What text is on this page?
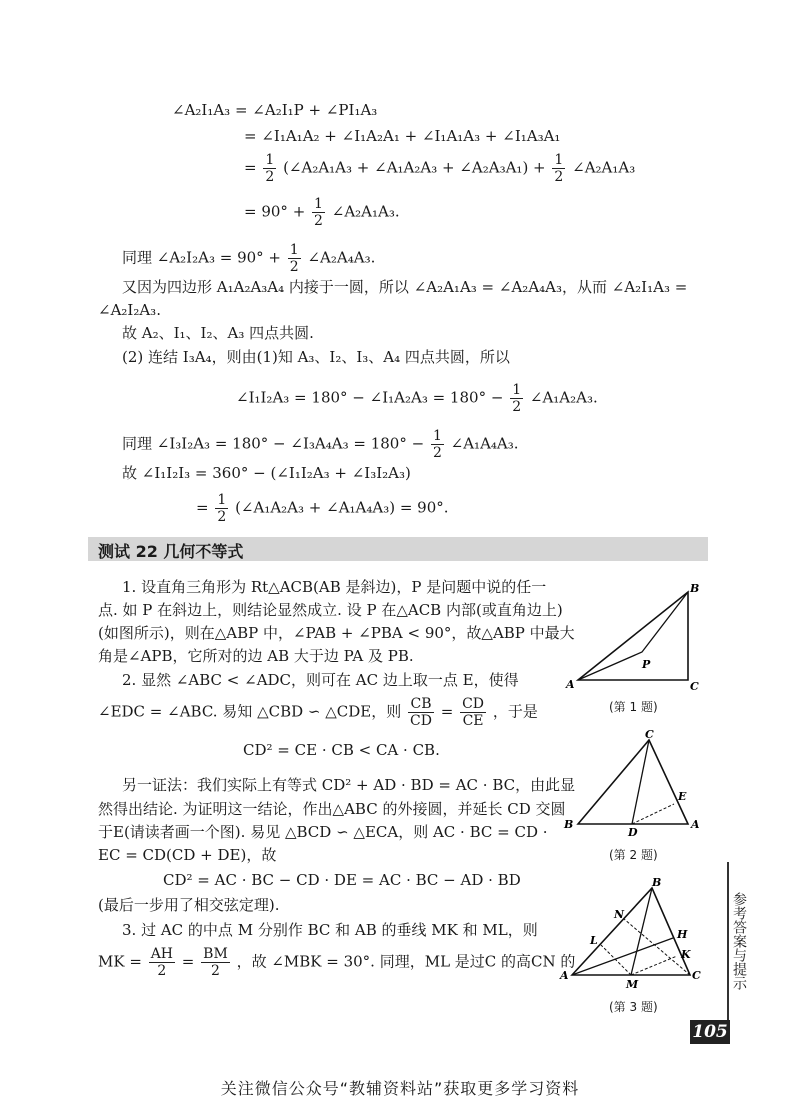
∠A₂I₁A₃ = ∠A₂I₁P + ∠PI₁A₃
= ∠I₁A₁A₂ + ∠I₁A₂A₁ + ∠I₁A₁A₃ + ∠I₁A₃A₁
= $\frac{1}{2}$ (∠A₂A₁A₃ + ∠A₁A₂A₃ + ∠A₂A₃A₁) + $\frac{1}{2}$ ∠A₂A₁A₃
= $90^\circ + \frac{1}{2}$ ∠A₂A₁A₃.
同理 ∠A₂I₂A₃ = $90^\circ + \frac{1}{2}$ ∠A₂A₄A₃.
又因为四边形 A₁A₂A₃A₄ 内接于一圆，所以 ∠A₂A₁A₃ = ∠A₂A₄A₃，从而 ∠A₂I₁A₃ =
∠A₂I₂A₃.
故 A₂、I₁、I₂、A₃ 四点共圆.
(2) 连结 I₃A₄，则由(1)知 A₃、I₂、I₃、A₄ 四点共圆，所以
∠I₁I₂A₃ = 180° − ∠I₁A₂A₃ = $180^\circ - \frac{1}{2}$ ∠A₁A₂A₃.
同理 ∠I₃I₂A₃ = 180° − ∠I₃A₄A₃ = $180^\circ - \frac{1}{2}$ ∠A₁A₄A₃.
故 ∠I₁I₂I₃ = 360° − (∠I₁I₂A₃ + ∠I₃I₂A₃)
= $\frac{1}{2}$ (∠A₁A₂A₃ + ∠A₁A₄A₃) = 90°.
测试 22 几何不等式
1. 设直角三角形为 Rt△ACB(AB 是斜边)，P 是问题中说的任一
点. 如 P 在斜边上，则结论显然成立. 设 P 在△ACB 内部(或直角边上)
(如图所示)，则在△ABP 中，∠PAB + ∠PBA < 90°，故△ABP 中最大
角是∠APB，它所对的边 AB 大于边 PA 及 PB.
2. 显然 ∠ABC < ∠ADC，则可在 AC 边上取一点 E，使得
∠EDC = ∠ABC. 易知 △CBD ∽ △CDE，则 $\frac{CB}{CD} = \frac{CD}{CE}$ ，于是
CD² = CE · CB < CA · CB.
另一证法：我们实际上有等式 CD² + AD · BD = AC · BC，由此显
然得出结论. 为证明这一结论，作出△ABC 的外接圆，并延长 CD 交圆
于E(请读者画一个图). 易见 △BCD ∽ △ECA，则 AC · BC = CD ·
EC = CD(CD + DE)，故
CD² = AC · BC − CD · DE = AC · BC − AD · BD
(最后一步用了相交弦定理).
3. 过 AC 的中点 M 分别作 BC 和 AB 的垂线 MK 和 ML，则
MK = $\frac{AH}{2} = \frac{BM}{2}$ ，故 ∠MBK = 30°. 同理，ML 是过C 的高CN 的
A
B
C
P
(第 1 题)
B
C
A
D
E
(第 2 题)
A
B
C
H
K
L
M
N
(第 3 题)
参考答案与提示
105
关注微信公众号“教辅资料站”获取更多学习资料
